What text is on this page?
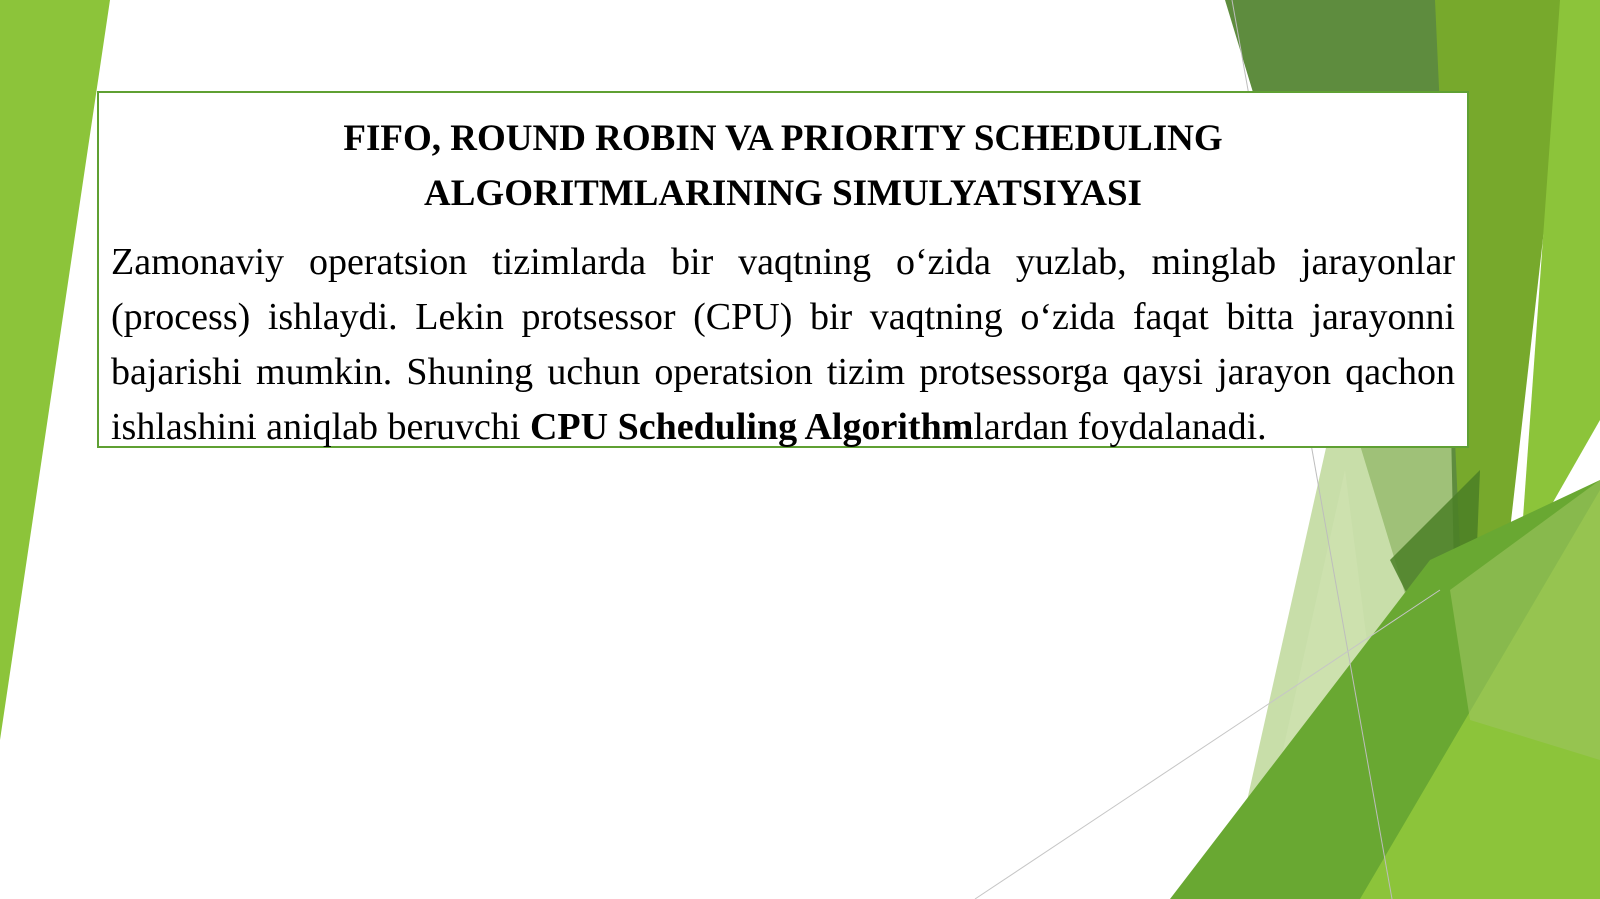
FIFO, ROUND ROBIN VA PRIORITY SCHEDULING
ALGORITMLARINING SIMULYATSIYASI

Zamonaviy operatsion tizimlarda bir vaqtning o‘zida yuzlab, minglab jarayonlar (process) ishlaydi. Lekin protsessor (CPU) bir vaqtning o‘zida faqat bitta jarayonni bajarishi mumkin. Shuning uchun operatsion tizim protsessorga qaysi jarayon qachon ishlashini aniqlab beruvchi CPU Scheduling Algorithmlardan foydalanadi.
